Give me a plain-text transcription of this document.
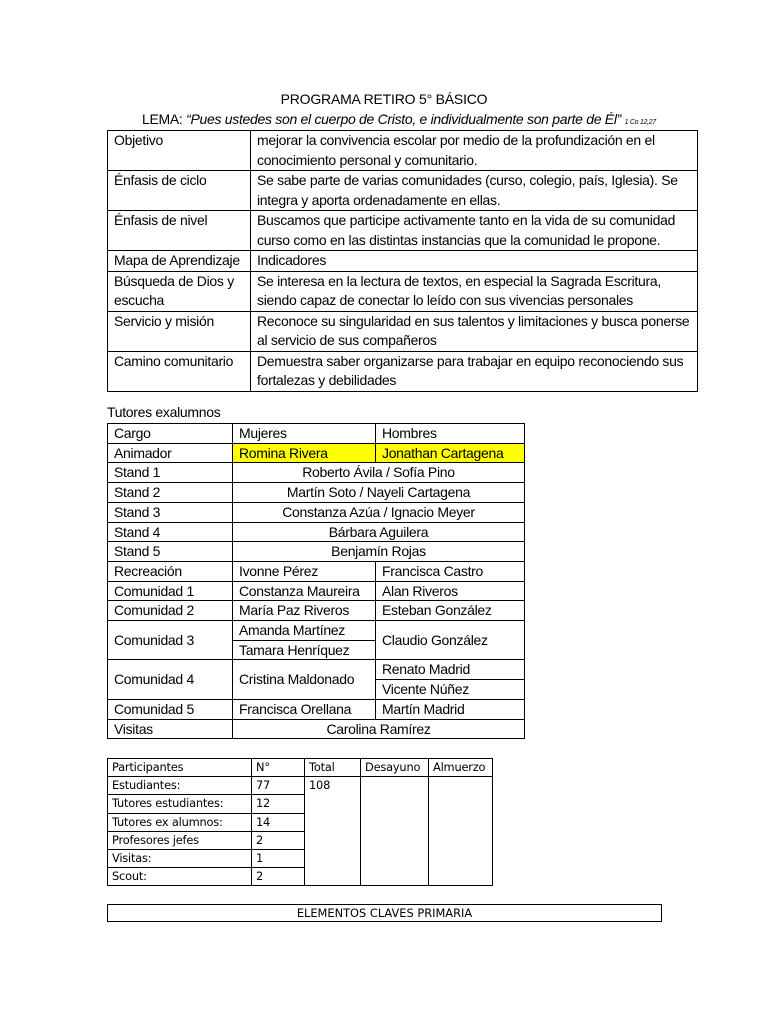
PROGRAMA RETIRO 5° BÁSICO
LEMA: “Pues ustedes son el cuerpo de Cristo, e individualmente son parte de Él” 1 Co 12,27
Objetivo	mejorar la convivencia escolar por medio de la profundización en el conocimiento personal y comunitario.
Énfasis de ciclo	Se sabe parte de varias comunidades (curso, colegio, país, Iglesia). Se integra y aporta ordenadamente en ellas.
Énfasis de nivel	Buscamos que participe activamente tanto en la vida de su comunidad curso como en las distintas instancias que la comunidad le propone.
Mapa de Aprendizaje	Indicadores
Búsqueda de Dios y escucha	Se interesa en la lectura de textos, en especial la Sagrada Escritura, siendo capaz de conectar lo leído con sus vivencias personales
Servicio y misión	Reconoce su singularidad en sus talentos y limitaciones y busca ponerse al servicio de sus compañeros
Camino comunitario	Demuestra saber organizarse para trabajar en equipo reconociendo sus fortalezas y debilidades
Tutores exalumnos
Cargo	Mujeres	Hombres
Animador	Romina Rivera	Jonathan Cartagena
Stand 1	Roberto Ávila / Sofía Pino	
Stand 2	Martín Soto / Nayeli Cartagena	
Stand 3	Constanza Azúa / Ignacio Meyer	
Stand 4	Bárbara Aguilera	
Stand 5	Benjamín Rojas	
Recreación	Ivonne Pérez	Francisca Castro
Comunidad 1	Constanza Maureira	Alan Riveros
Comunidad 2	María Paz Riveros	Esteban González
Comunidad 3	Amanda Martínez	Claudio González
	Tamara Henríquez	
Comunidad 4	Cristina Maldonado	Renato Madrid
		Vicente Núñez
Comunidad 5	Francisca Orellana	Martín Madrid
Visitas	Carolina Ramírez	
Participantes	N°	Total	Desayuno	Almuerzo
Estudiantes:	77	108		
Tutores estudiantes:	12			
Tutores ex alumnos:	14			
Profesores jefes	2			
Visitas:	1			
Scout:	2			
ELEMENTOS CLAVES PRIMARIA
